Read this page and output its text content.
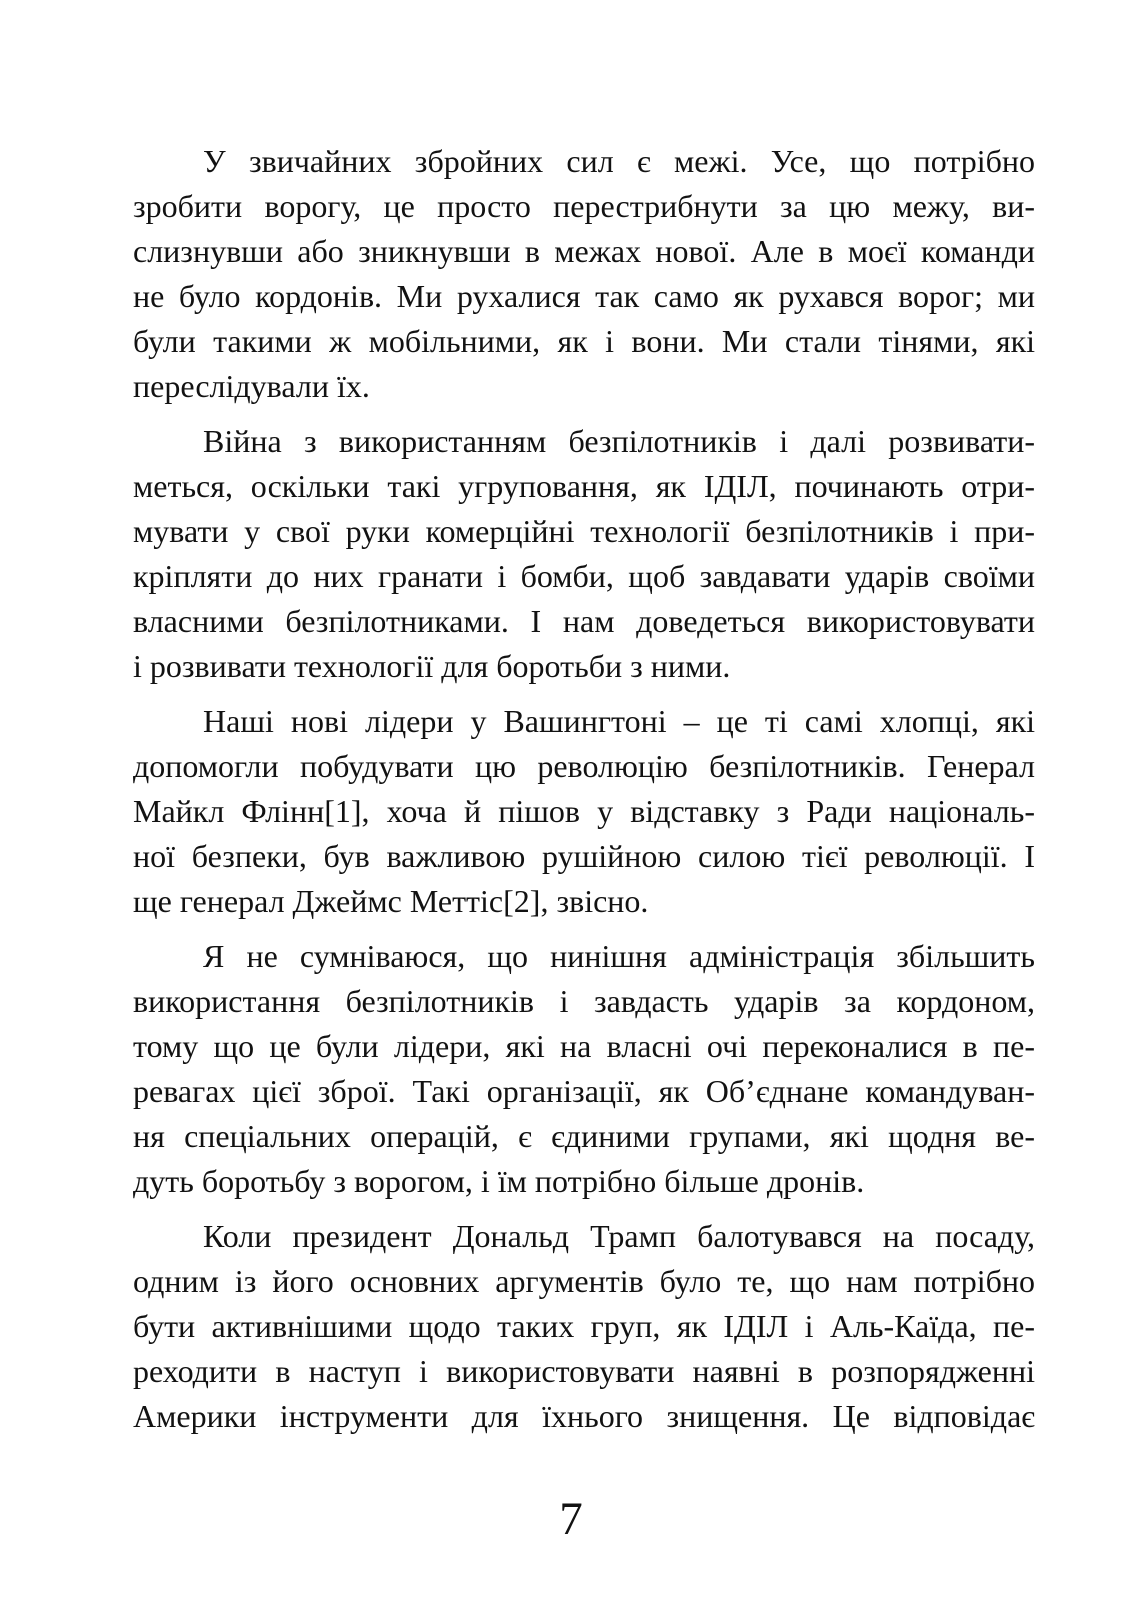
У звичайних збройних сил є межі. Усе, що потрібно
зробити ворогу, це просто перестрибнути за цю межу, ви-
слизнувши або зникнувши в межах нової. Але в моєї команди
не було кордонів. Ми рухалися так само як рухався ворог; ми
були такими ж мобільними, як і вони. Ми стали тінями, які
переслідували їх.
Війна з використанням безпілотників і далі розвивати-
меться, оскільки такі угруповання, як ІДІЛ, починають отри-
мувати у свої руки комерційні технології безпілотників і при-
кріпляти до них гранати і бомби, щоб завдавати ударів своїми
власними безпілотниками. І нам доведеться використовувати
і розвивати технології для боротьби з ними.
Наші нові лідери у Вашингтоні – це ті самі хлопці, які
допомогли побудувати цю революцію безпілотників. Генерал
Майкл Флінн[1], хоча й пішов у відставку з Ради національ-
ної безпеки, був важливою рушійною силою тієї революції. І
ще генерал Джеймс Меттіс[2], звісно.
Я не сумніваюся, що нинішня адміністрація збільшить
використання безпілотників і завдасть ударів за кордоном,
тому що це були лідери, які на власні очі переконалися в пе-
ревагах цієї зброї. Такі організації, як Об’єднане командуван-
ня спеціальних операцій, є єдиними групами, які щодня ве-
дуть боротьбу з ворогом, і їм потрібно більше дронів.
Коли президент Дональд Трамп балотувався на посаду,
одним із його основних аргументів було те, що нам потрібно
бути активнішими щодо таких груп, як ІДІЛ і Аль-Каїда, пе-
реходити в наступ і використовувати наявні в розпорядженні
Америки інструменти для їхнього знищення. Це відповідає
7
